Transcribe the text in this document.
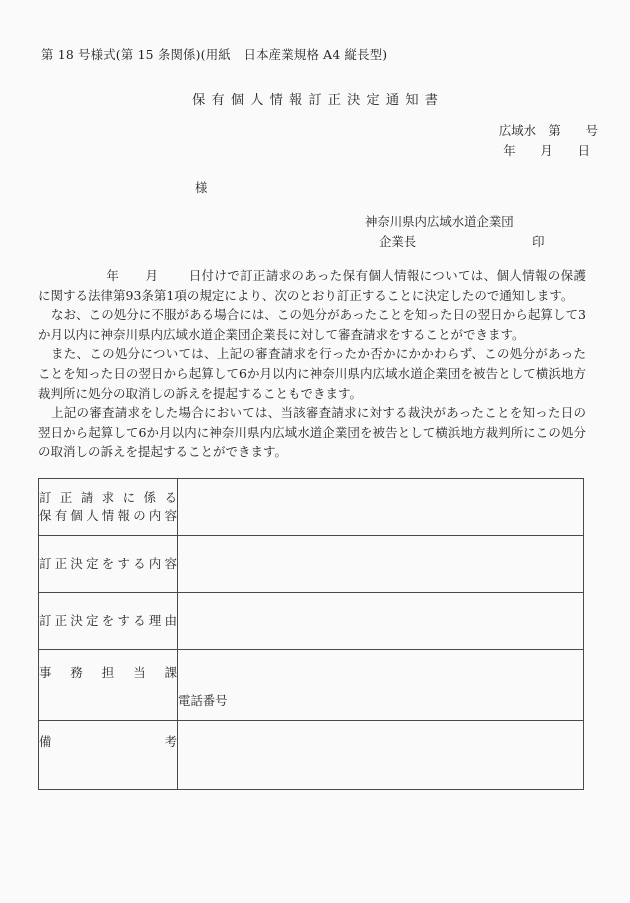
第 18 号様式(第 15 条関係)(用紙　日本産業規格 A4 縦長型)
保有個人情報訂正決定通知書
広域水　第　　号
年　　月　　日
様
神奈川県内広域水道企業団
企業長	印

年 月 日付けで訂正請求のあった保有個人情報については、個人情報の保護に関する法律第93条第1項の規定により、次のとおり訂正することに決定したので通知します。

なお、この処分に不服がある場合には、この処分があったことを知った日の翌日から起算して3か月以内に神奈川県内広域水道企業団企業長に対して審査請求をすることができます。

また、この処分については、上記の審査請求を行ったか否かにかかわらず、この処分があったことを知った日の翌日から起算して6か月以内に神奈川県内広域水道企業団を被告として横浜地方裁判所に処分の取消しの訴えを提起することもできます。

上記の審査請求をした場合においては、当該審査請求に対する裁決があったことを知った日の翌日から起算して6か月以内に神奈川県内広域水道企業団を被告として横浜地方裁判所にこの処分の取消しの訴えを提起することができます。

訂正請求に係る
保有個人情報の内容	

訂正決定をする内容	

訂正決定をする理由	

事務担当課	電話番号

備考	
